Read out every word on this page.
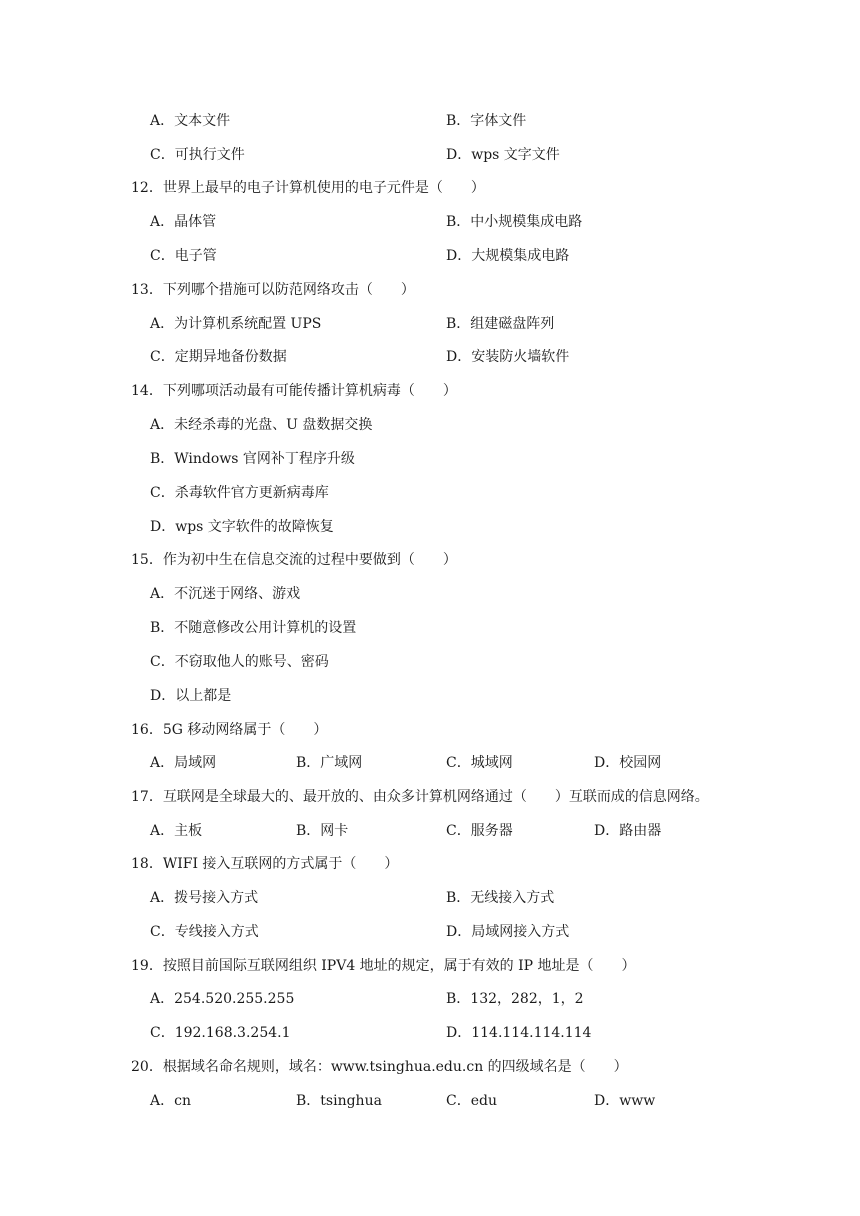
A．文本文件	B．字体文件
C．可执行文件	D．wps 文字文件
12．世界上最早的电子计算机使用的电子元件是（　　）
A．晶体管	B．中小规模集成电路
C．电子管	D．大规模集成电路
13．下列哪个措施可以防范网络攻击（　　）
A．为计算机系统配置 UPS	B．组建磁盘阵列
C．定期异地备份数据	D．安装防火墙软件
14．下列哪项活动最有可能传播计算机病毒（　　）
A．未经杀毒的光盘、U 盘数据交换
B．Windows 官网补丁程序升级
C．杀毒软件官方更新病毒库
D．wps 文字软件的故障恢复
15．作为初中生在信息交流的过程中要做到（　　）
A．不沉迷于网络、游戏
B．不随意修改公用计算机的设置
C．不窃取他人的账号、密码
D．以上都是
16．5G 移动网络属于（　　）
A．局域网	B．广域网	C．城域网	D．校园网
17．互联网是全球最大的、最开放的、由众多计算机网络通过（　　）互联而成的信息网络。
A．主板	B．网卡	C．服务器	D．路由器
18．WIFI 接入互联网的方式属于（　　）
A．拨号接入方式	B．无线接入方式
C．专线接入方式	D．局域网接入方式
19．按照目前国际互联网组织 IPV4 地址的规定，属于有效的 IP 地址是（　　）
A．254.520.255.255	B．132，282，1，2
C．192.168.3.254.1	D．114.114.114.114
20．根据域名命名规则，域名：www.tsinghua.edu.cn 的四级域名是（　　）
A．cn	B．tsinghua	C．edu	D．www
